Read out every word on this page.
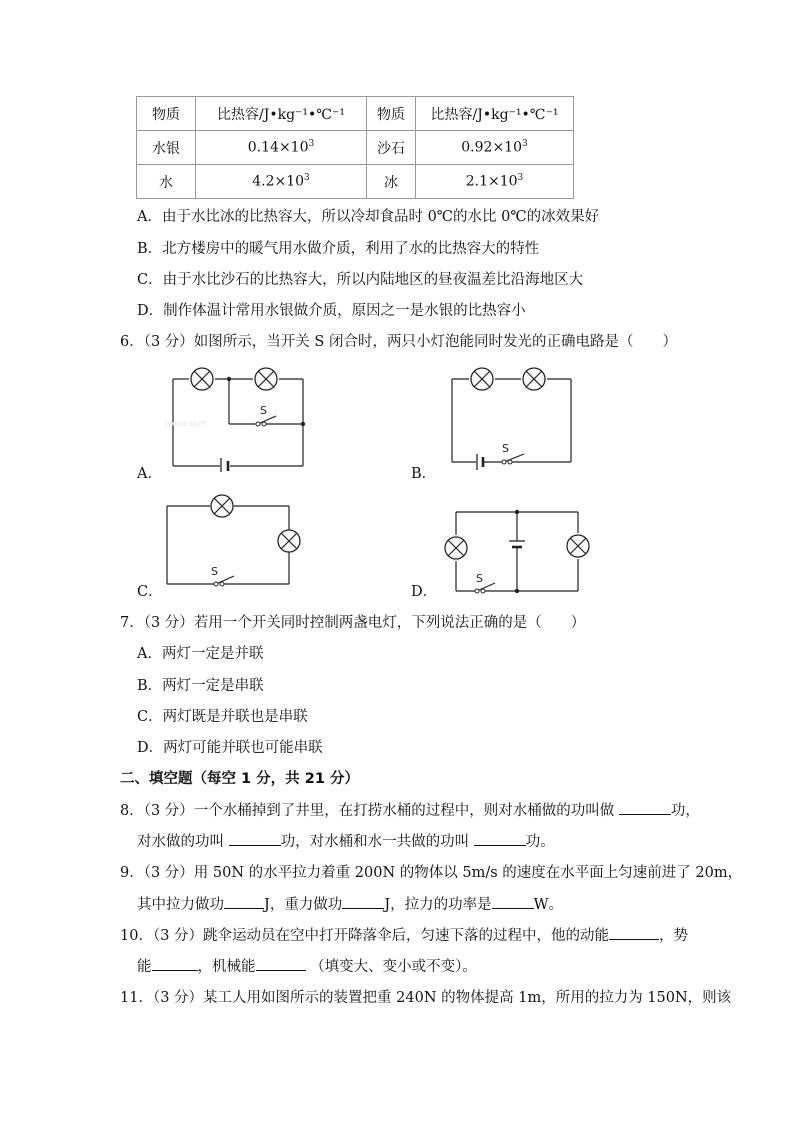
物质	比热容/J•kg⁻¹•℃⁻¹	物质	比热容/J•kg⁻¹•℃⁻¹
水银	$0.14\times 10^3$	沙石	$0.92\times 10^3$
水	$4.2\times 10^3$	冰	$2.1\times 10^3$
A．由于水比冰的比热容大，所以冷却食品时 0℃的水比 0℃的冰效果好
B．北方楼房中的暖气用水做介质，利用了水的比热容大的特性
C．由于水比沙石的比热容大，所以内陆地区的昼夜温差比沿海地区大
D．制作体温计常用水银做介质，原因之一是水银的比热容小
6．（3 分）如图所示，当开关 S 闭合时，两只小灯泡能同时发光的正确电路是（　　）
S
jyeoo.com
A．
S
B．
S
C．
S
D．
7．（3 分）若用一个开关同时控制两盏电灯，下列说法正确的是（　　）
A．两灯一定是并联
B．两灯一定是串联
C．两灯既是并联也是串联
D．两灯可能并联也可能串联
二、填空题（每空 1 分，共 21 分）
8．（3 分）一个水桶掉到了井里，在打捞水桶的过程中，则对水桶做的功叫做	功，
对水做的功叫	功，对水桶和水一共做的功叫	功。
9．（3 分）用 50N 的水平拉力着重 200N 的物体以 5m/s 的速度在水平面上匀速前进了 20m，
其中拉力做功	J，重力做功	J，拉力的功率是	W。
10．（3 分）跳伞运动员在空中打开降落伞后，匀速下落的过程中，他的动能	，势
能	，机械能	（填变大、变小或不变）。
11．（3 分）某工人用如图所示的装置把重 240N 的物体提高 1m，所用的拉力为 150N，则该
